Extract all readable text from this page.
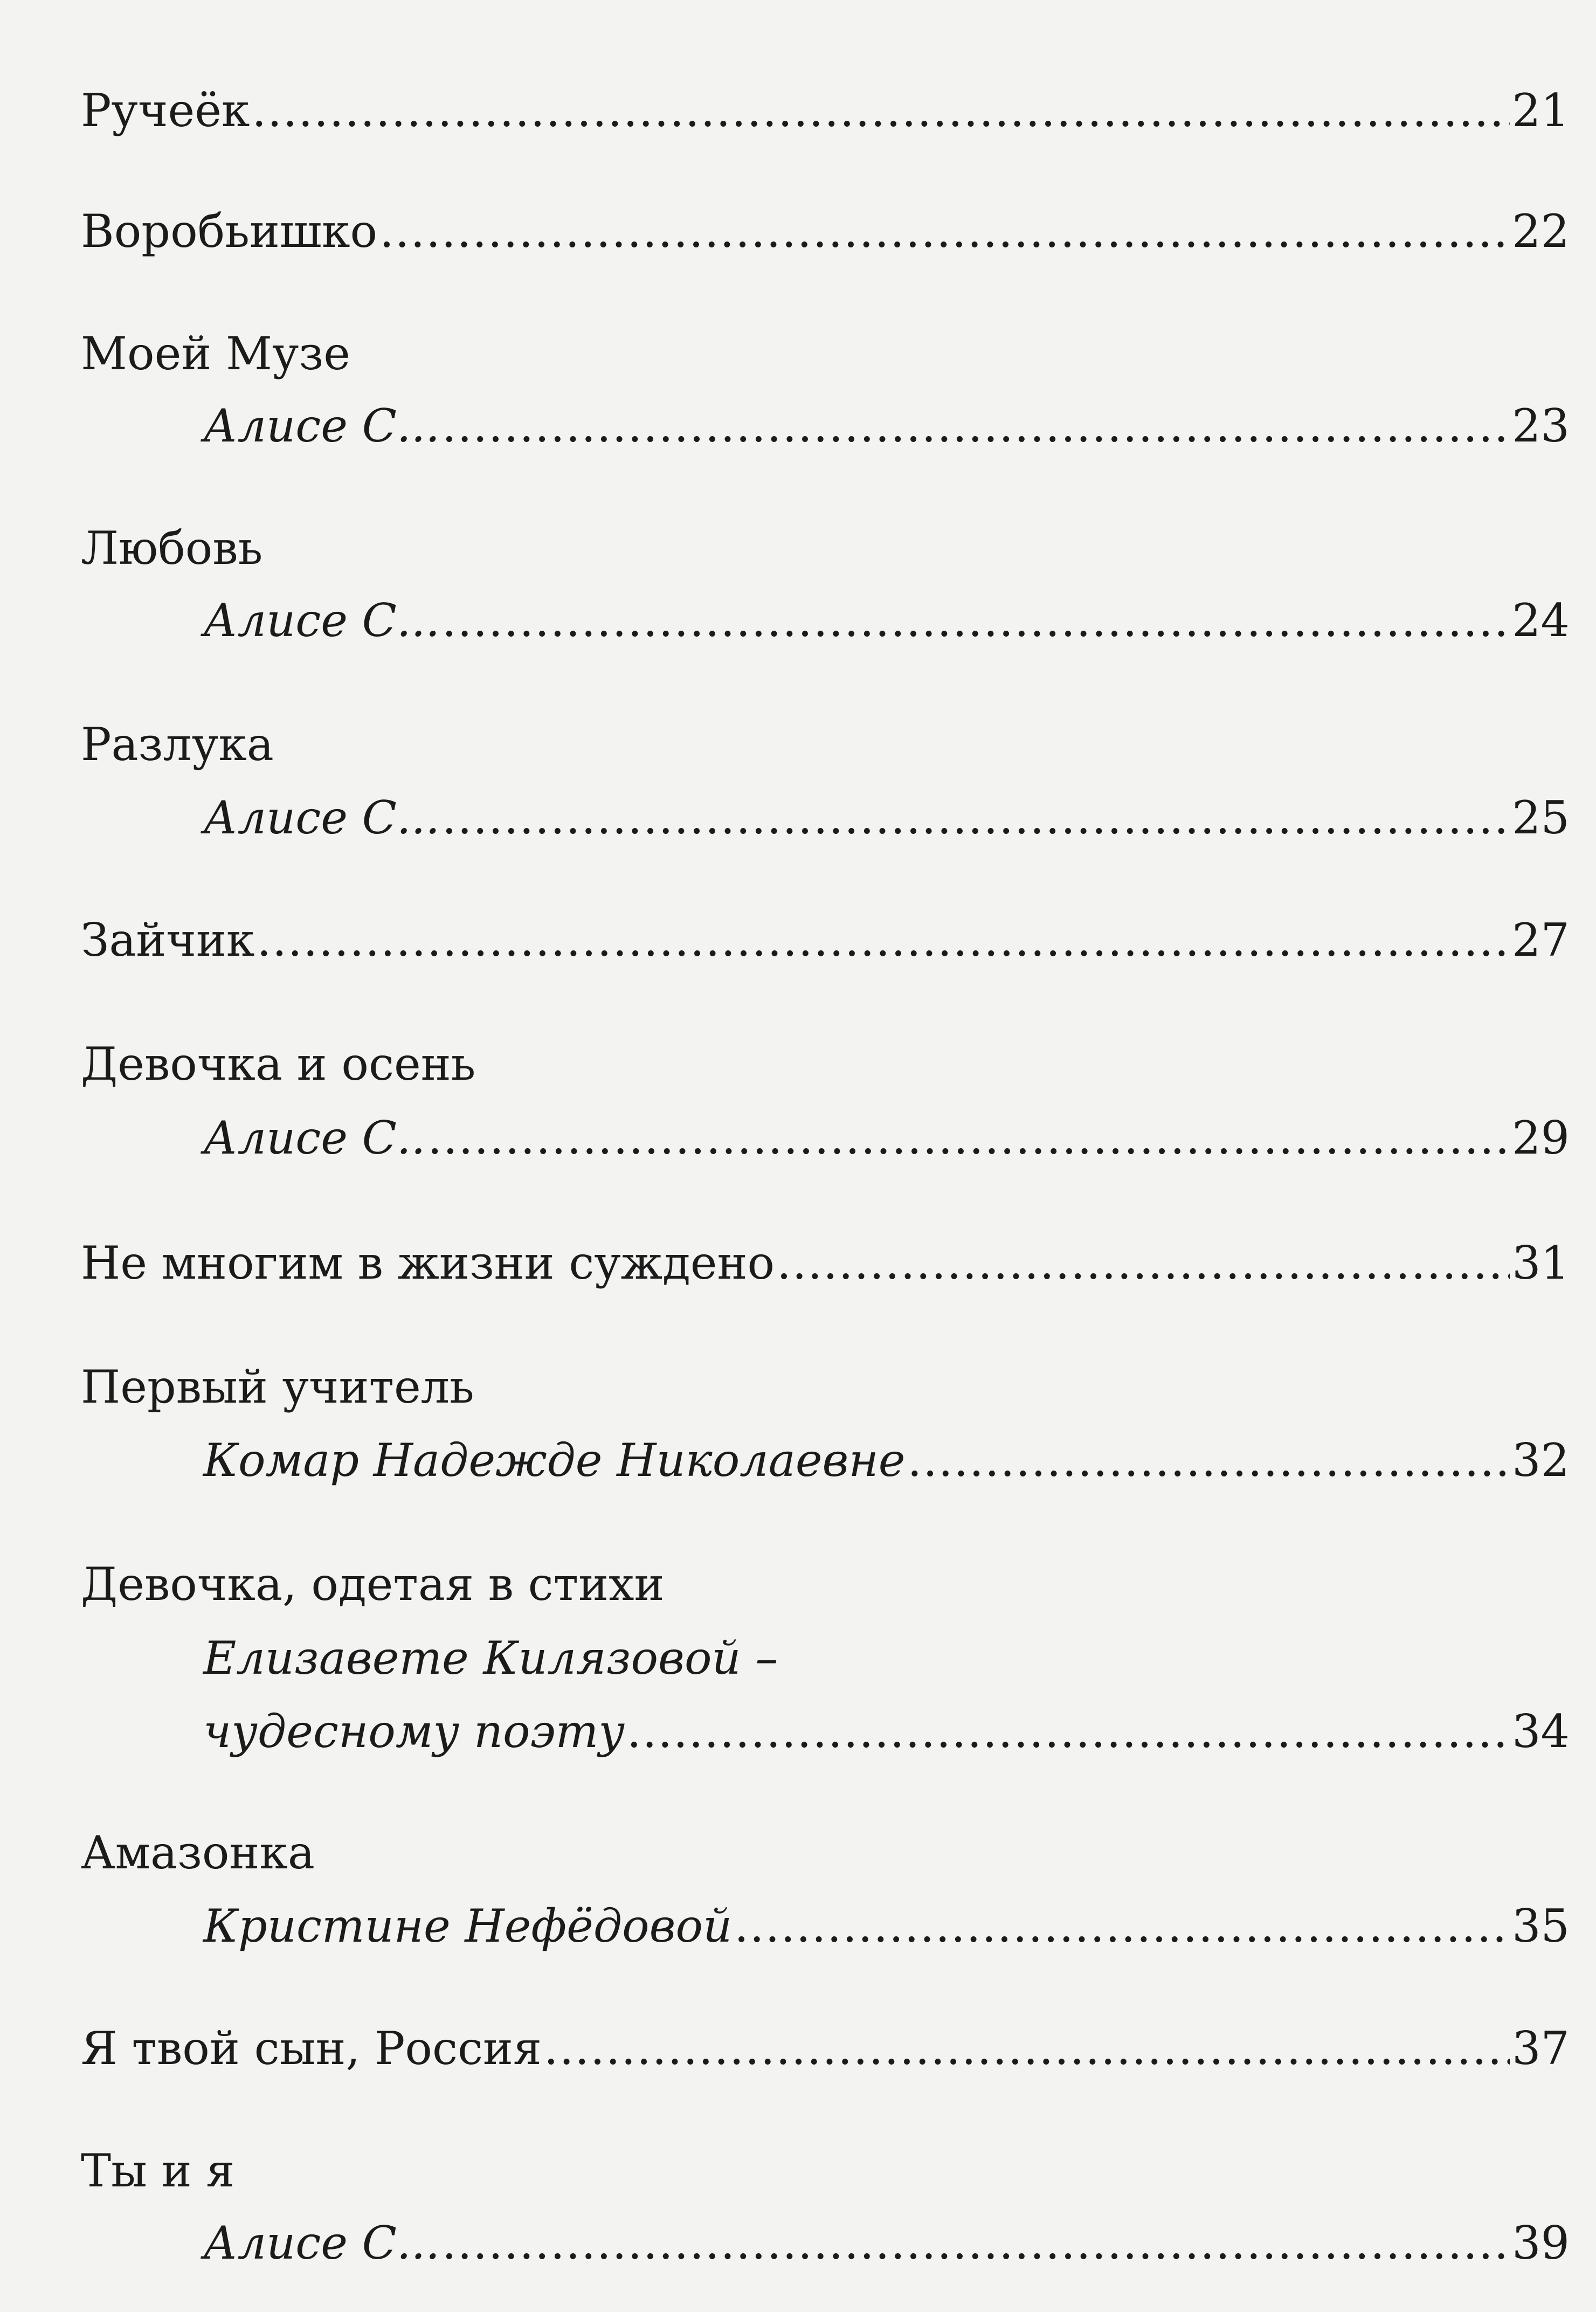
Ручеёк .....	21
Воробьишко .....	22
Моей Музе
Алисе С... .....	23
Любовь
Алисе С... .....	24
Разлука
Алисе С... .....	25
Зайчик .....	27
Девочка и осень
Алисе С.. .....	29
Не многим в жизни суждено .....	31
Первый учитель
Комар Надежде Николаевне .....	32
Девочка, одетая в стихи
Елизавете Килязовой –
чудесному поэту .....	34
Амазонка
Кристине Нефёдовой .....	35
Я твой сын, Россия .....	37
Ты и я
Алисе С... .....	39
